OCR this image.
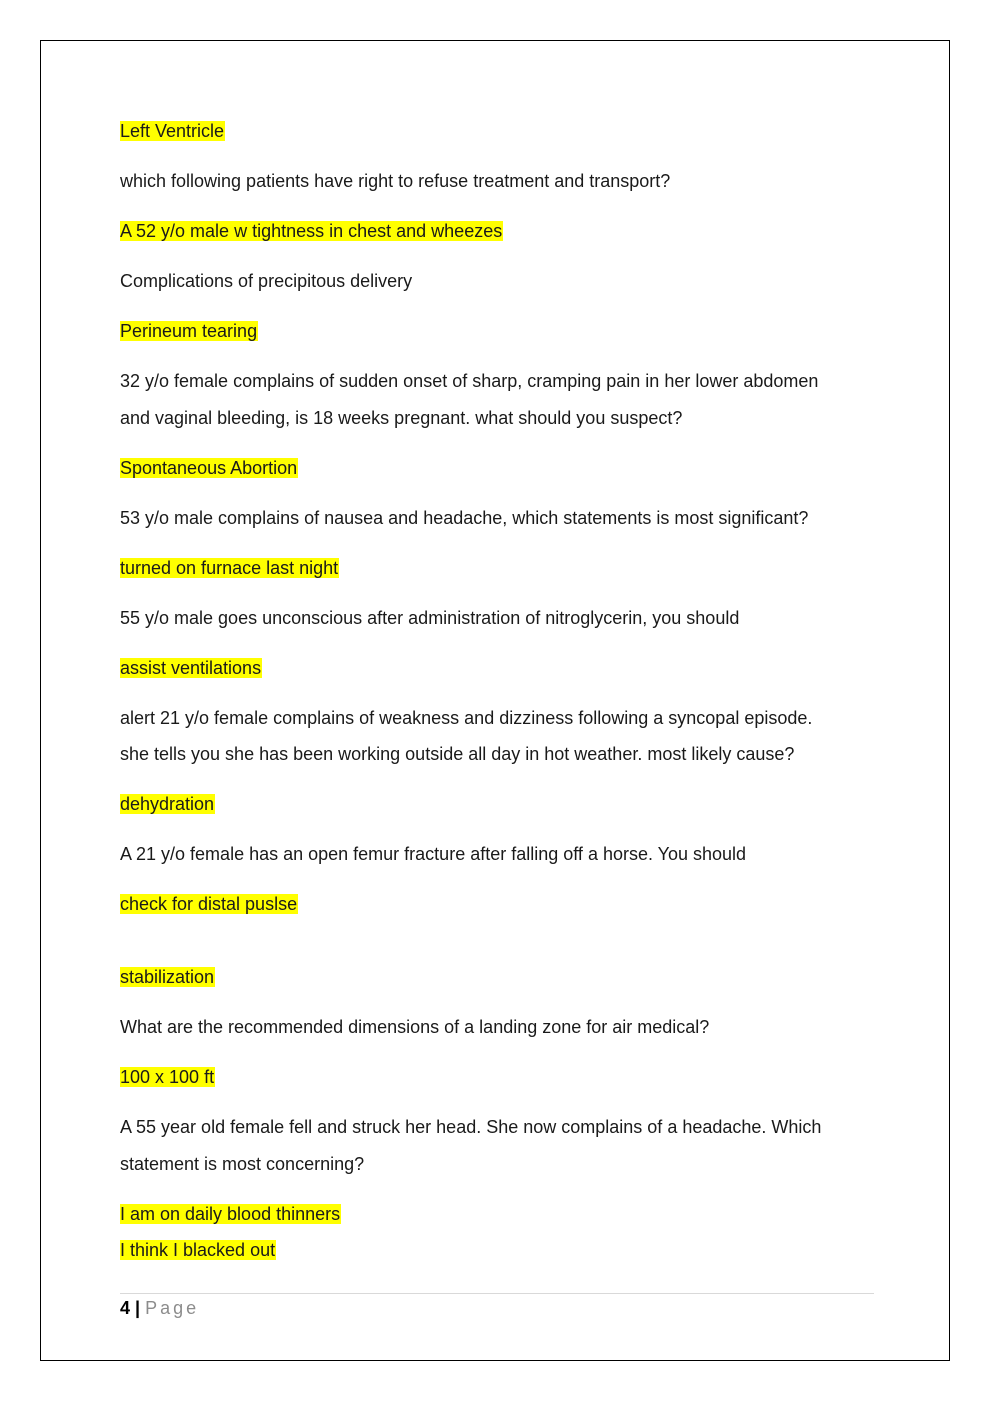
Left Ventricle
which following patients have right to refuse treatment and transport?
A 52 y/o male w tightness in chest and wheezes
Complications of precipitous delivery
Perineum tearing
32 y/o female complains of sudden onset of sharp, cramping pain in her lower abdomen
and vaginal bleeding, is 18 weeks pregnant. what should you suspect?
Spontaneous Abortion
53 y/o male complains of nausea and headache, which statements is most significant?
turned on furnace last night
55 y/o male goes unconscious after administration of nitroglycerin, you should
assist ventilations
alert 21 y/o female complains of weakness and dizziness following a syncopal episode.
she tells you she has been working outside all day in hot weather. most likely cause?
dehydration
A 21 y/o female has an open femur fracture after falling off a horse. You should
check for distal puslse
stabilization
What are the recommended dimensions of a landing zone for air medical?
100 x 100 ft
A 55 year old female fell and struck her head. She now complains of a headache. Which
statement is most concerning?
I am on daily blood thinners
I think I blacked out
4 | Page
